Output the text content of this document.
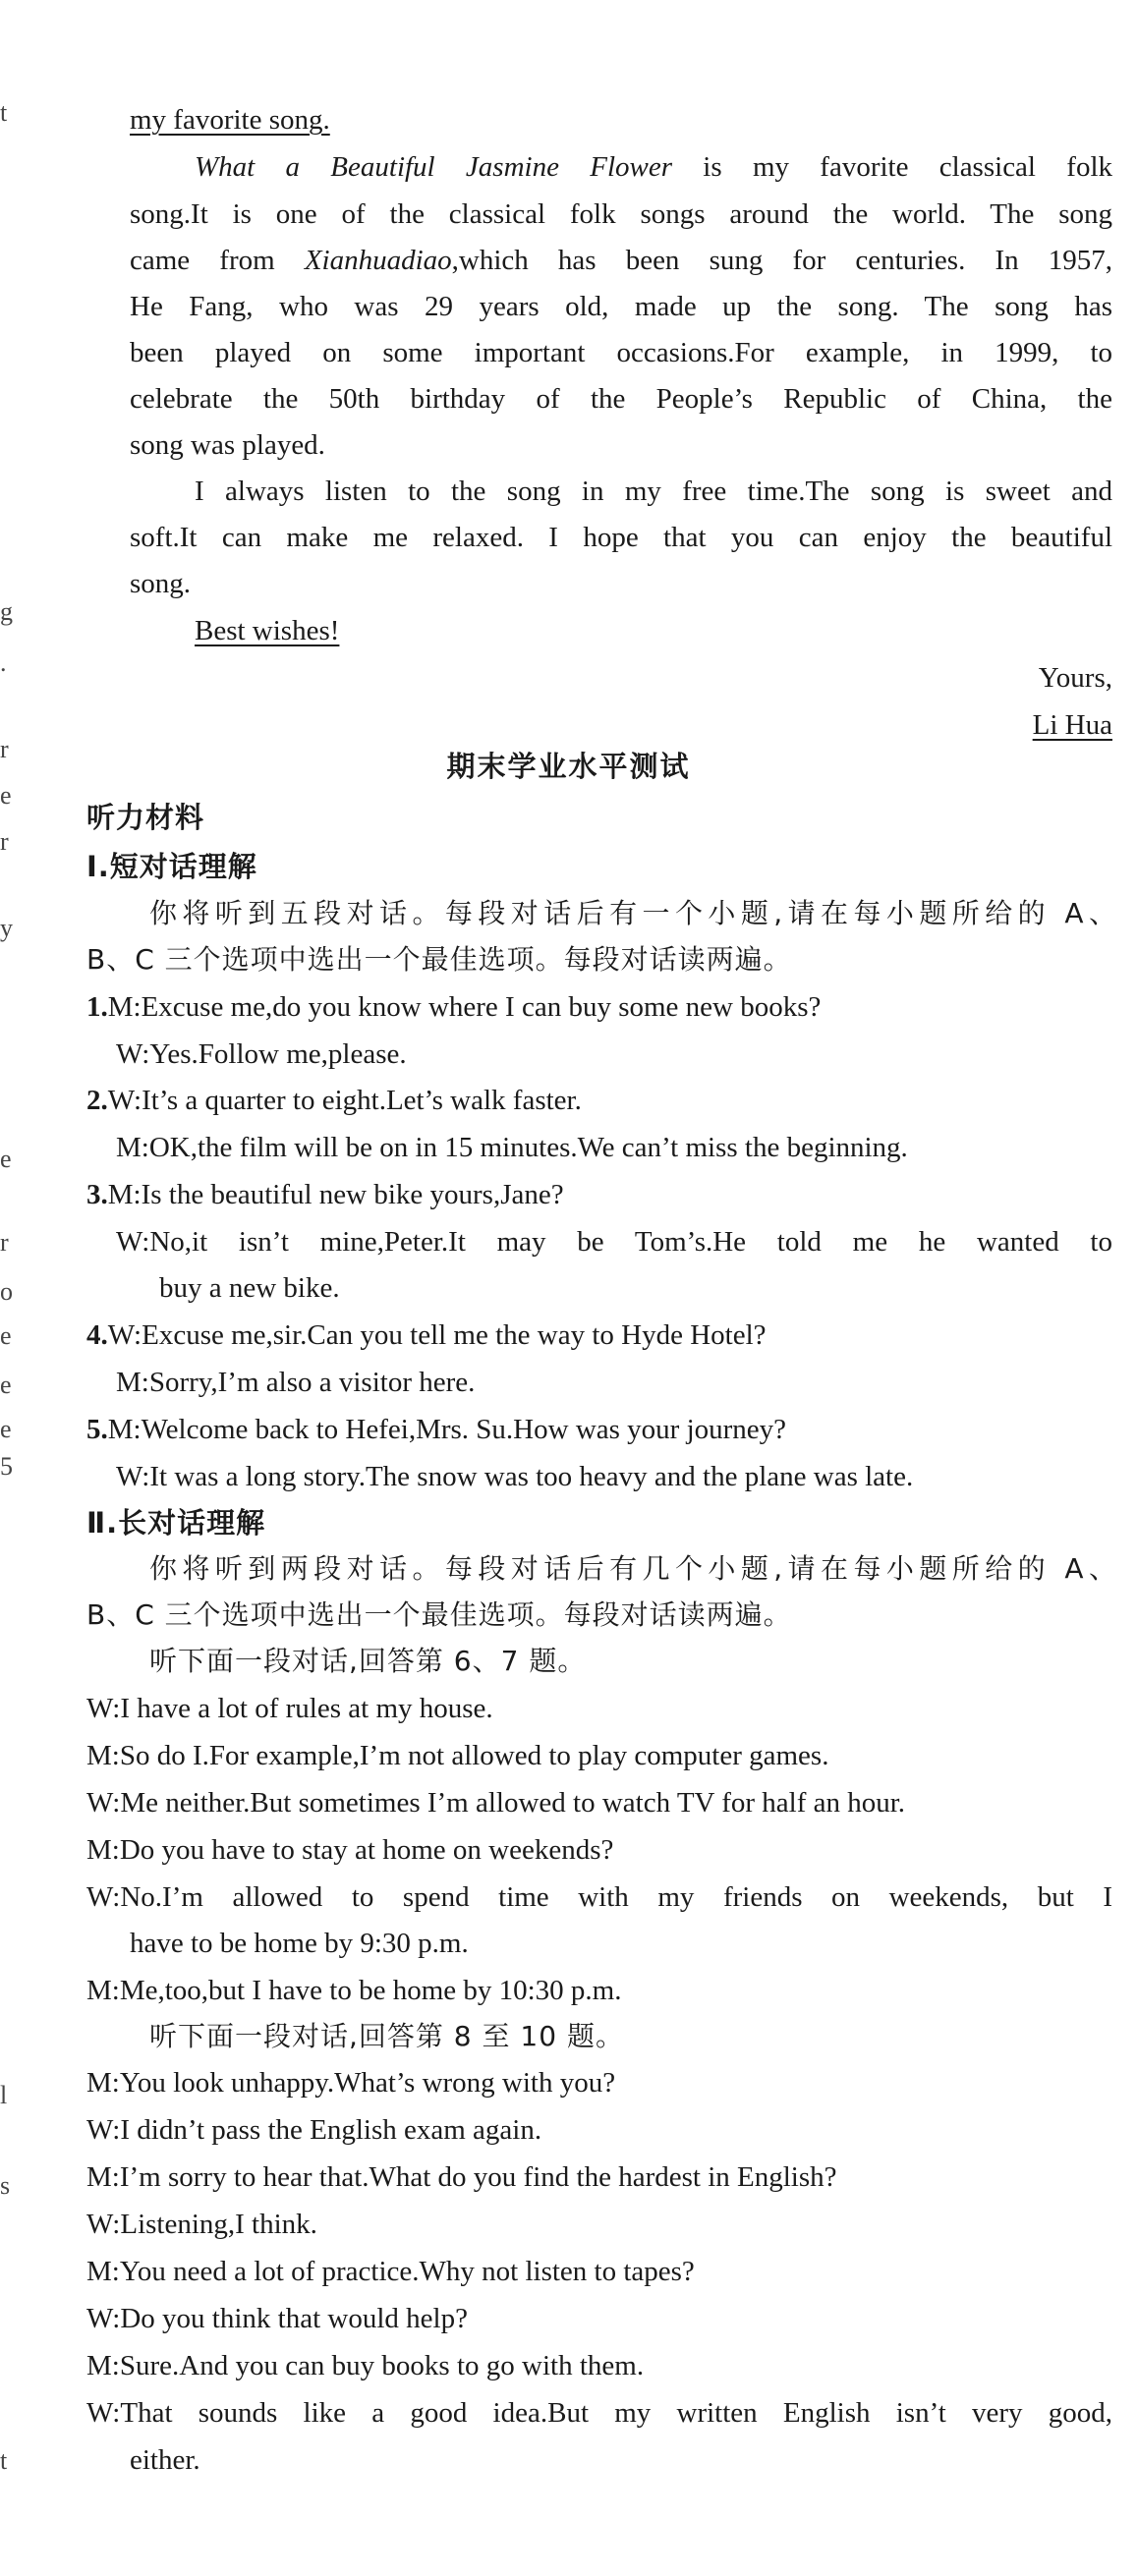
t
g
.
r
e
r
y
e
r
o
e
e
e
5
l
s
t
my favorite song.
What a Beautiful Jasmine Flower is my favorite classical folk
song.It is one of the classical folk songs around the world. The song
came from Xianhuadiao,which has been sung for centuries. In 1957,
He Fang, who was 29 years old, made up the song. The song has
been played on some important occasions.For example, in 1999, to
celebrate the 50th birthday of the People’s Republic of China, the
song was played.
I always listen to the song in my free time.The song is sweet and
soft.It can make me relaxed. I hope that you can enjoy the beautiful
song.
Best wishes!
Yours,
Li Hua
期末学业水平测试
听力材料
Ⅰ.短对话理解
你将听到五段对话。每段对话后有一个小题,请在每小题所给的 A、
B、C 三个选项中选出一个最佳选项。每段对话读两遍。
1.M:Excuse me,do you know where I can buy some new books?
W:Yes.Follow me,please.
2.W:It’s a quarter to eight.Let’s walk faster.
M:OK,the film will be on in 15 minutes.We can’t miss the beginning.
3.M:Is the beautiful new bike yours,Jane?
W:No,it isn’t mine,Peter.It may be Tom’s.He told me he wanted to
buy a new bike.
4.W:Excuse me,sir.Can you tell me the way to Hyde Hotel?
M:Sorry,I’m also a visitor here.
5.M:Welcome back to Hefei,Mrs. Su.How was your journey?
W:It was a long story.The snow was too heavy and the plane was late.
Ⅱ.长对话理解
你将听到两段对话。每段对话后有几个小题,请在每小题所给的 A、
B、C 三个选项中选出一个最佳选项。每段对话读两遍。
听下面一段对话,回答第 6、7 题。
W:I have a lot of rules at my house.
M:So do I.For example,I’m not allowed to play computer games.
W:Me neither.But sometimes I’m allowed to watch TV for half an hour.
M:Do you have to stay at home on weekends?
W:No.I’m allowed to spend time with my friends on weekends, but I
have to be home by 9:30 p.m.
M:Me,too,but I have to be home by 10:30 p.m.
听下面一段对话,回答第 8 至 10 题。
M:You look unhappy.What’s wrong with you?
W:I didn’t pass the English exam again.
M:I’m sorry to hear that.What do you find the hardest in English?
W:Listening,I think.
M:You need a lot of practice.Why not listen to tapes?
W:Do you think that would help?
M:Sure.And you can buy books to go with them.
W:That sounds like a good idea.But my written English isn’t very good,
either.
